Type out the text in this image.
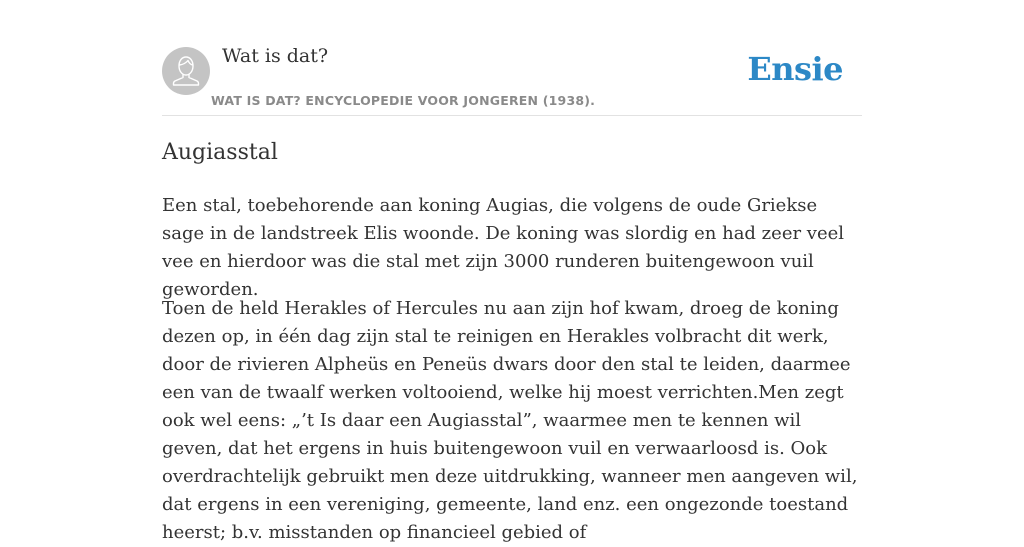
Wat is dat?
WAT IS DAT? ENCYCLOPEDIE VOOR JONGEREN (1938).
Ensie
Augiasstal

Een stal, toebehorende aan koning Augias, die volgens de oude Griekse sage in de landstreek Elis woonde. De koning was slordig en had zeer veel vee en hierdoor was die stal met zijn 3000 runderen buitengewoon vuil geworden.

Toen de held Herakles of Hercules nu aan zijn hof kwam, droeg de koning dezen op, in één dag zijn stal te reinigen en Herakles volbracht dit werk, door de rivieren Alpheüs en Peneüs dwars door den stal te leiden, daarmee een van de twaalf werken voltooiend, welke hij moest verrichten.Men zegt ook wel eens: „’t Is daar een Augiasstal”, waarmee men te kennen wil geven, dat het ergens in huis buitengewoon vuil en verwaarloosd is. Ook overdrachtelijk gebruikt men deze uitdrukking, wanneer men aangeven wil, dat ergens in een vereniging, gemeente, land enz. een ongezonde toestand heerst; b.v. misstanden op financieel gebied of
